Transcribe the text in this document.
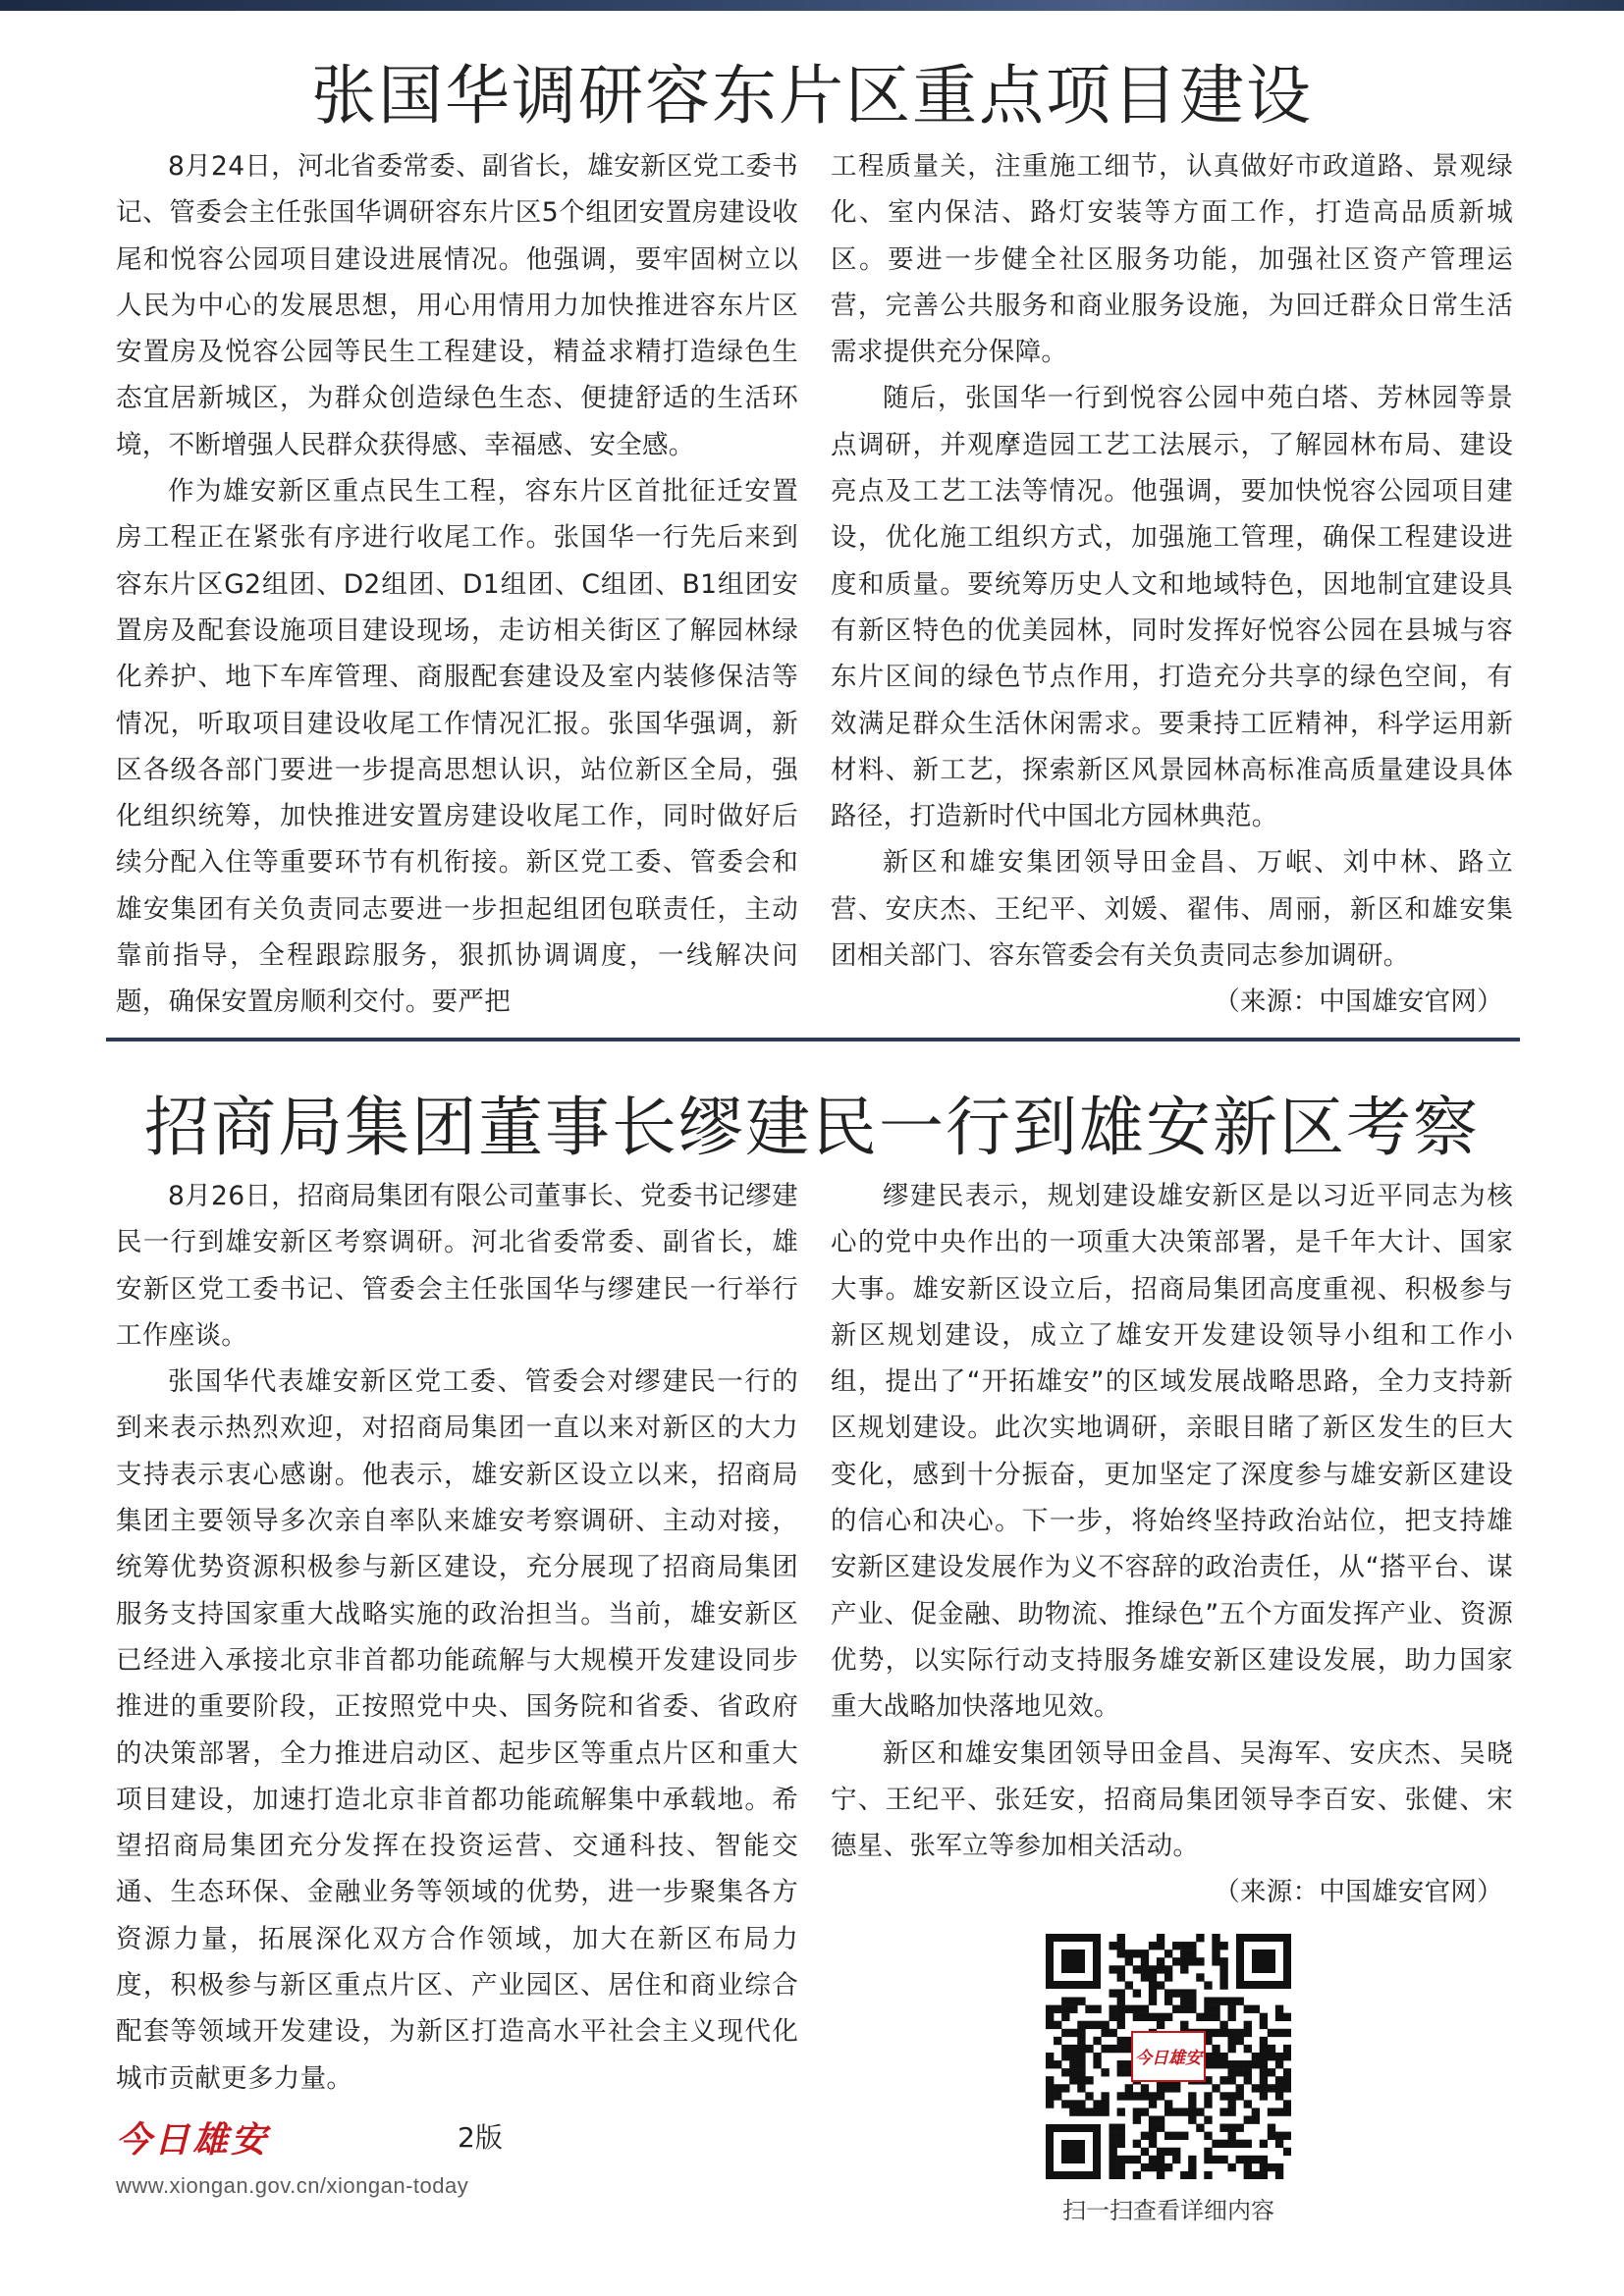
张国华调研容东片区重点项目建设

8月24日，河北省委常委、副省长，雄安新区党工委书记、管委会主任张国华调研容东片区5个组团安置房建设收尾和悦容公园项目建设进展情况。他强调，要牢固树立以人民为中心的发展思想，用心用情用力加快推进容东片区安置房及悦容公园等民生工程建设，精益求精打造绿色生态宜居新城区，为群众创造绿色生态、便捷舒适的生活环境，不断增强人民群众获得感、幸福感、安全感。

作为雄安新区重点民生工程，容东片区首批征迁安置房工程正在紧张有序进行收尾工作。张国华一行先后来到容东片区G2组团、D2组团、D1组团、C组团、B1组团安置房及配套设施项目建设现场，走访相关街区了解园林绿化养护、地下车库管理、商服配套建设及室内装修保洁等情况，听取项目建设收尾工作情况汇报。张国华强调，新区各级各部门要进一步提高思想认识，站位新区全局，强化组织统筹，加快推进安置房建设收尾工作，同时做好后续分配入住等重要环节有机衔接。新区党工委、管委会和雄安集团有关负责同志要进一步担起组团包联责任，主动靠前指导，全程跟踪服务，狠抓协调调度，一线解决问题，确保安置房顺利交付。要严把

工程质量关，注重施工细节，认真做好市政道路、景观绿化、室内保洁、路灯安装等方面工作，打造高品质新城区。要进一步健全社区服务功能，加强社区资产管理运营，完善公共服务和商业服务设施，为回迁群众日常生活需求提供充分保障。

随后，张国华一行到悦容公园中苑白塔、芳林园等景点调研，并观摩造园工艺工法展示，了解园林布局、建设亮点及工艺工法等情况。他强调，要加快悦容公园项目建设，优化施工组织方式，加强施工管理，确保工程建设进度和质量。要统筹历史人文和地域特色，因地制宜建设具有新区特色的优美园林，同时发挥好悦容公园在县城与容东片区间的绿色节点作用，打造充分共享的绿色空间，有效满足群众生活休闲需求。要秉持工匠精神，科学运用新材料、新工艺，探索新区风景园林高标准高质量建设具体路径，打造新时代中国北方园林典范。

新区和雄安集团领导田金昌、万岷、刘中林、路立营、安庆杰、王纪平、刘媛、翟伟、周丽，新区和雄安集团相关部门、容东管委会有关负责同志参加调研。

（来源：中国雄安官网）

招商局集团董事长缪建民一行到雄安新区考察

8月26日，招商局集团有限公司董事长、党委书记缪建民一行到雄安新区考察调研。河北省委常委、副省长，雄安新区党工委书记、管委会主任张国华与缪建民一行举行工作座谈。

张国华代表雄安新区党工委、管委会对缪建民一行的到来表示热烈欢迎，对招商局集团一直以来对新区的大力支持表示衷心感谢。他表示，雄安新区设立以来，招商局集团主要领导多次亲自率队来雄安考察调研、主动对接，统筹优势资源积极参与新区建设，充分展现了招商局集团服务支持国家重大战略实施的政治担当。当前，雄安新区已经进入承接北京非首都功能疏解与大规模开发建设同步推进的重要阶段，正按照党中央、国务院和省委、省政府的决策部署，全力推进启动区、起步区等重点片区和重大项目建设，加速打造北京非首都功能疏解集中承载地。希望招商局集团充分发挥在投资运营、交通科技、智能交通、生态环保、金融业务等领域的优势，进一步聚集各方资源力量，拓展深化双方合作领域，加大在新区布局力度，积极参与新区重点片区、产业园区、居住和商业综合配套等领域开发建设，为新区打造高水平社会主义现代化城市贡献更多力量。

缪建民表示，规划建设雄安新区是以习近平同志为核心的党中央作出的一项重大决策部署，是千年大计、国家大事。雄安新区设立后，招商局集团高度重视、积极参与新区规划建设，成立了雄安开发建设领导小组和工作小组，提出了“开拓雄安”的区域发展战略思路，全力支持新区规划建设。此次实地调研，亲眼目睹了新区发生的巨大变化，感到十分振奋，更加坚定了深度参与雄安新区建设的信心和决心。下一步，将始终坚持政治站位，把支持雄安新区建设发展作为义不容辞的政治责任，从“搭平台、谋产业、促金融、助物流、推绿色”五个方面发挥产业、资源优势，以实际行动支持服务雄安新区建设发展，助力国家重大战略加快落地见效。

新区和雄安集团领导田金昌、吴海军、安庆杰、吴晓宁、王纪平、张廷安，招商局集团领导李百安、张健、宋德星、张军立等参加相关活动。

（来源：中国雄安官网）

今日雄安
扫一扫查看详细内容
今日雄安	2版
www.xiongan.gov.cn/xiongan-today
